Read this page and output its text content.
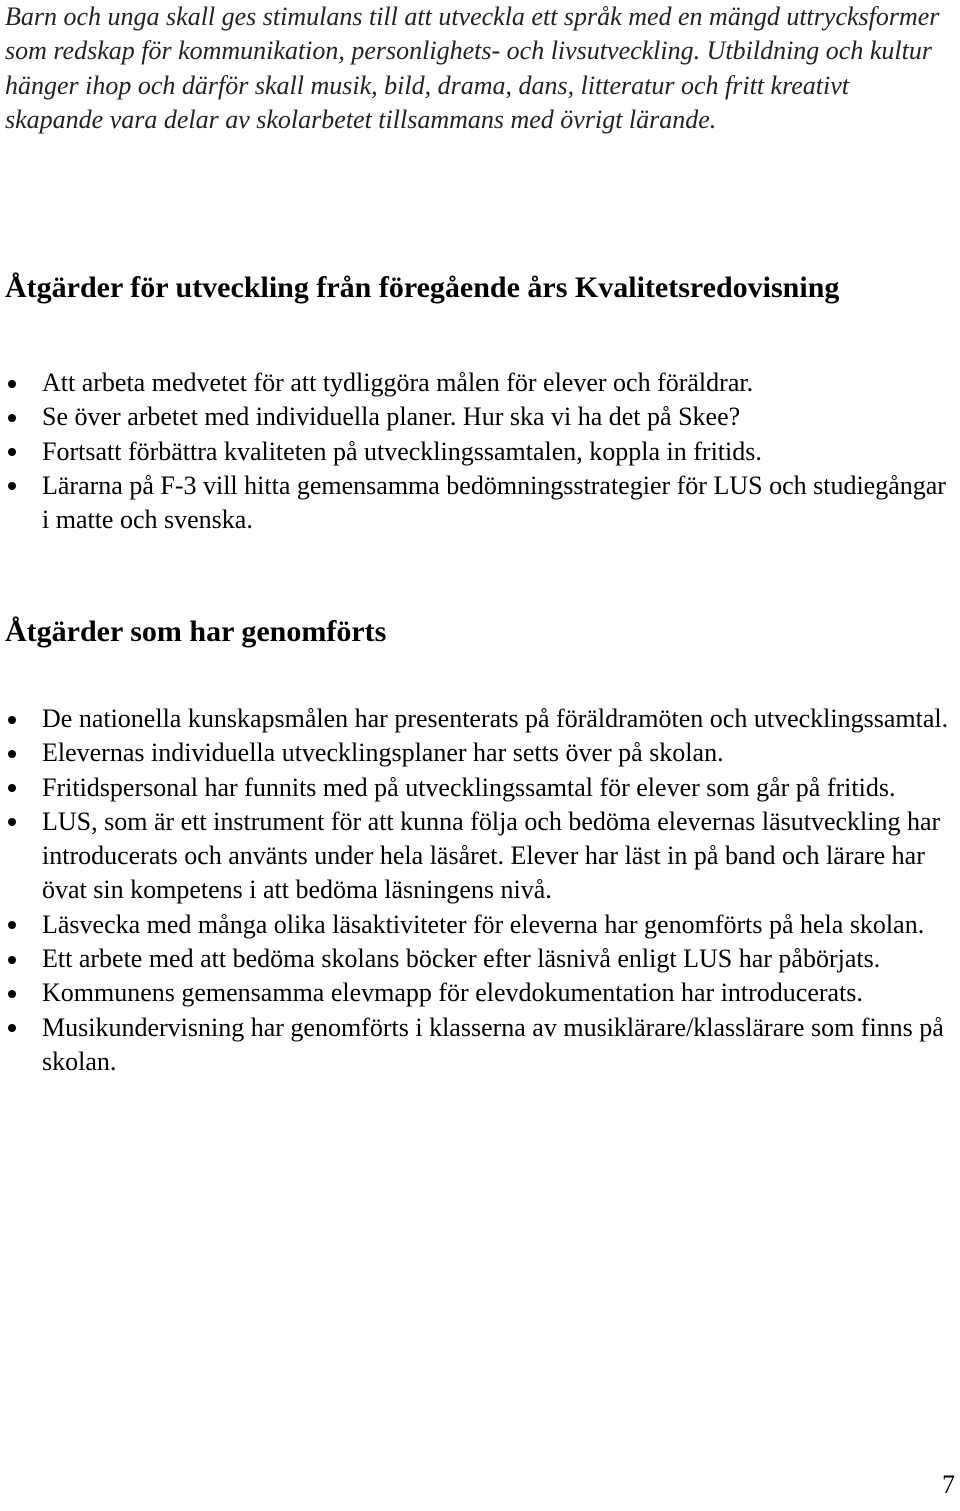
Barn och unga skall ges stimulans till att utveckla ett språk med en mängd uttrycksformer som redskap för kommunikation, personlighets- och livsutveckling. Utbildning och kultur hänger ihop och därför skall musik, bild, drama, dans, litteratur och fritt kreativt skapande vara delar av skolarbetet tillsammans med övrigt lärande.

Åtgärder för utveckling från föregående års Kvalitetsredovisning
Att arbeta medvetet för att tydliggöra målen för elever och föräldrar.
Se över arbetet med individuella planer. Hur ska vi ha det på Skee?
Fortsatt förbättra kvaliteten på utvecklingssamtalen, koppla in fritids.
Lärarna på F-3 vill hitta gemensamma bedömningsstrategier för LUS och studiegångar i matte och svenska.
Åtgärder som har genomförts
De nationella kunskapsmålen har presenterats på föräldramöten och utvecklingssamtal.
Elevernas individuella utvecklingsplaner har setts över på skolan.
Fritidspersonal har funnits med på utvecklingssamtal för elever som går på fritids.
LUS, som är ett instrument för att kunna följa och bedöma elevernas läsutveckling har introducerats och använts under hela läsåret. Elever har läst in på band och lärare har övat sin kompetens i att bedöma läsningens nivå.
Läsvecka med många olika läsaktiviteter för eleverna har genomförts på hela skolan.
Ett arbete med att bedöma skolans böcker efter läsnivå enligt LUS har påbörjats.
Kommunens gemensamma elevmapp för elevdokumentation har introducerats.
Musikundervisning har genomförts i klasserna av musiklärare/klasslärare som finns på skolan.
7
